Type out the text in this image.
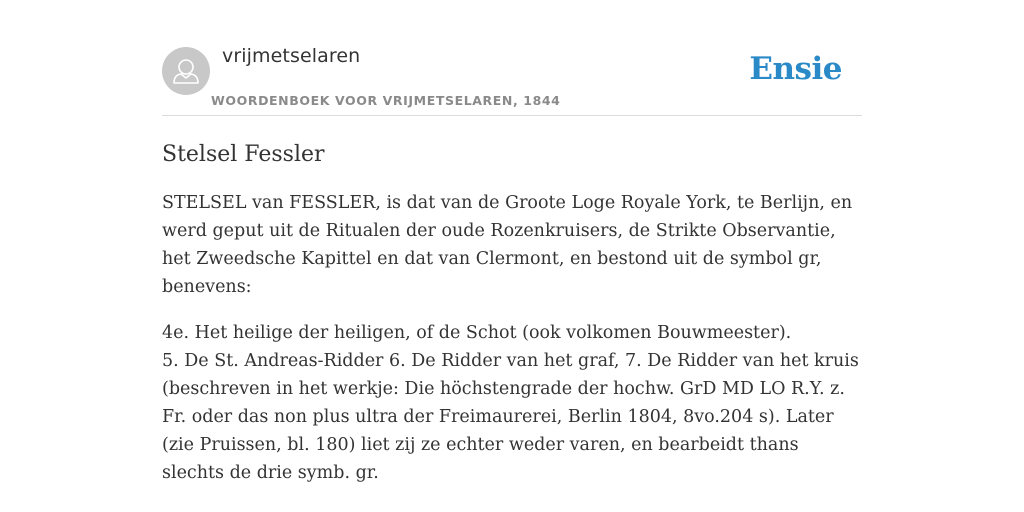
vrijmetselaren
WOORDENBOEK VOOR VRIJMETSELAREN, 1844
Ensie
Stelsel Fessler

STELSEL van FESSLER, is dat van de Groote Loge Royale York, te Berlijn, en werd geput uit de Ritualen der oude Rozenkruisers, de Strikte Observantie, het Zweedsche Kapittel en dat van Clermont, en bestond uit de symbol gr, benevens:

4e. Het heilige der heiligen, of de Schot (ook volkomen Bouwmeester).
5. De St. Andreas-Ridder 6. De Ridder van het graf, 7. De Ridder van het kruis (beschreven in het werkje: Die höchstengrade der hochw. GrD MD LO R.Y. z. Fr. oder das non plus ultra der Freimaurerei, Berlin 1804, 8vo.204 s). Later (zie Pruissen, bl. 180) liet zij ze echter weder varen, en bearbeidt thans slechts de drie symb. gr.
